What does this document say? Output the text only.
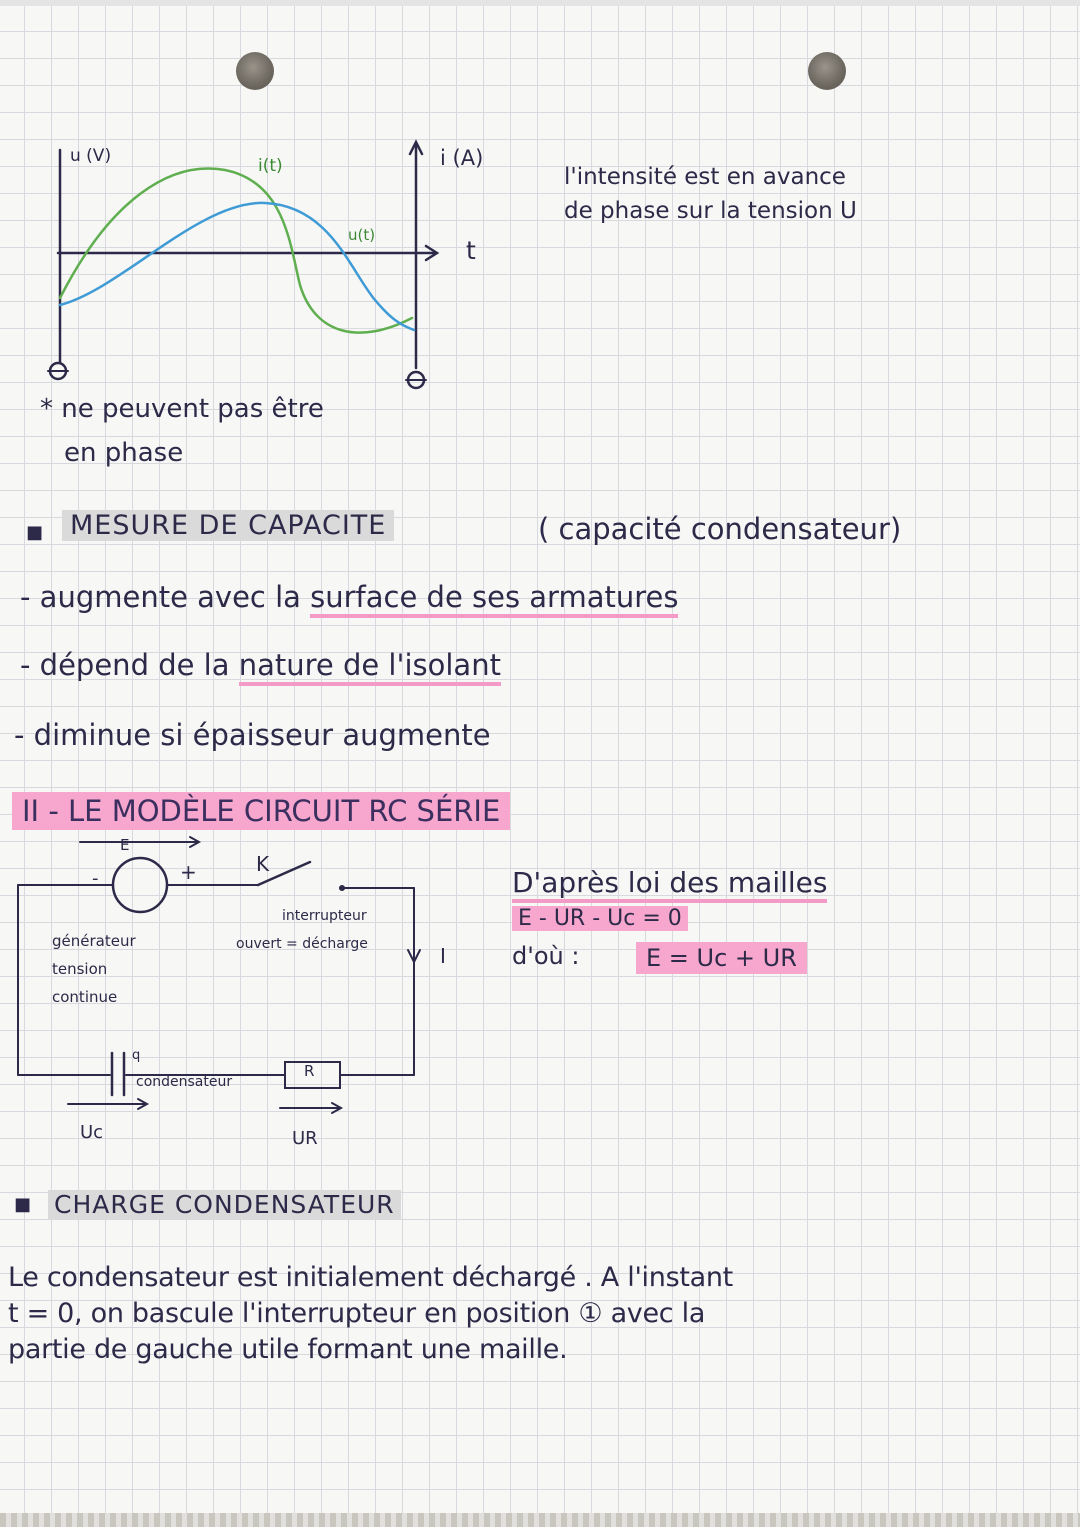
u (V)	i(t)
u(t)
i (A)
t
* ne peuvent pas être
en phase
l'intensité est en avance
de phase sur la tension U
■ MESURE DE CAPACITE	( capacité condensateur)
- augmente avec la surface de ses armatures
- dépend de la nature de l'isolant
- diminue si épaisseur augmente
II - LE MODÈLE CIRCUIT RC SÉRIE
E
-	+	K
générateur
tension
continue
interrupteur
ouvert = décharge	I
condensateur
q
R
Uc	UR
D'après loi des mailles
E - UR - Uc = 0
d'où :	E = Uc + UR
■ CHARGE CONDENSATEUR
Le condensateur est initialement déchargé . A l'instant
t = 0, on bascule l'interrupteur en position ① avec la
partie de gauche utile formant une maille.
